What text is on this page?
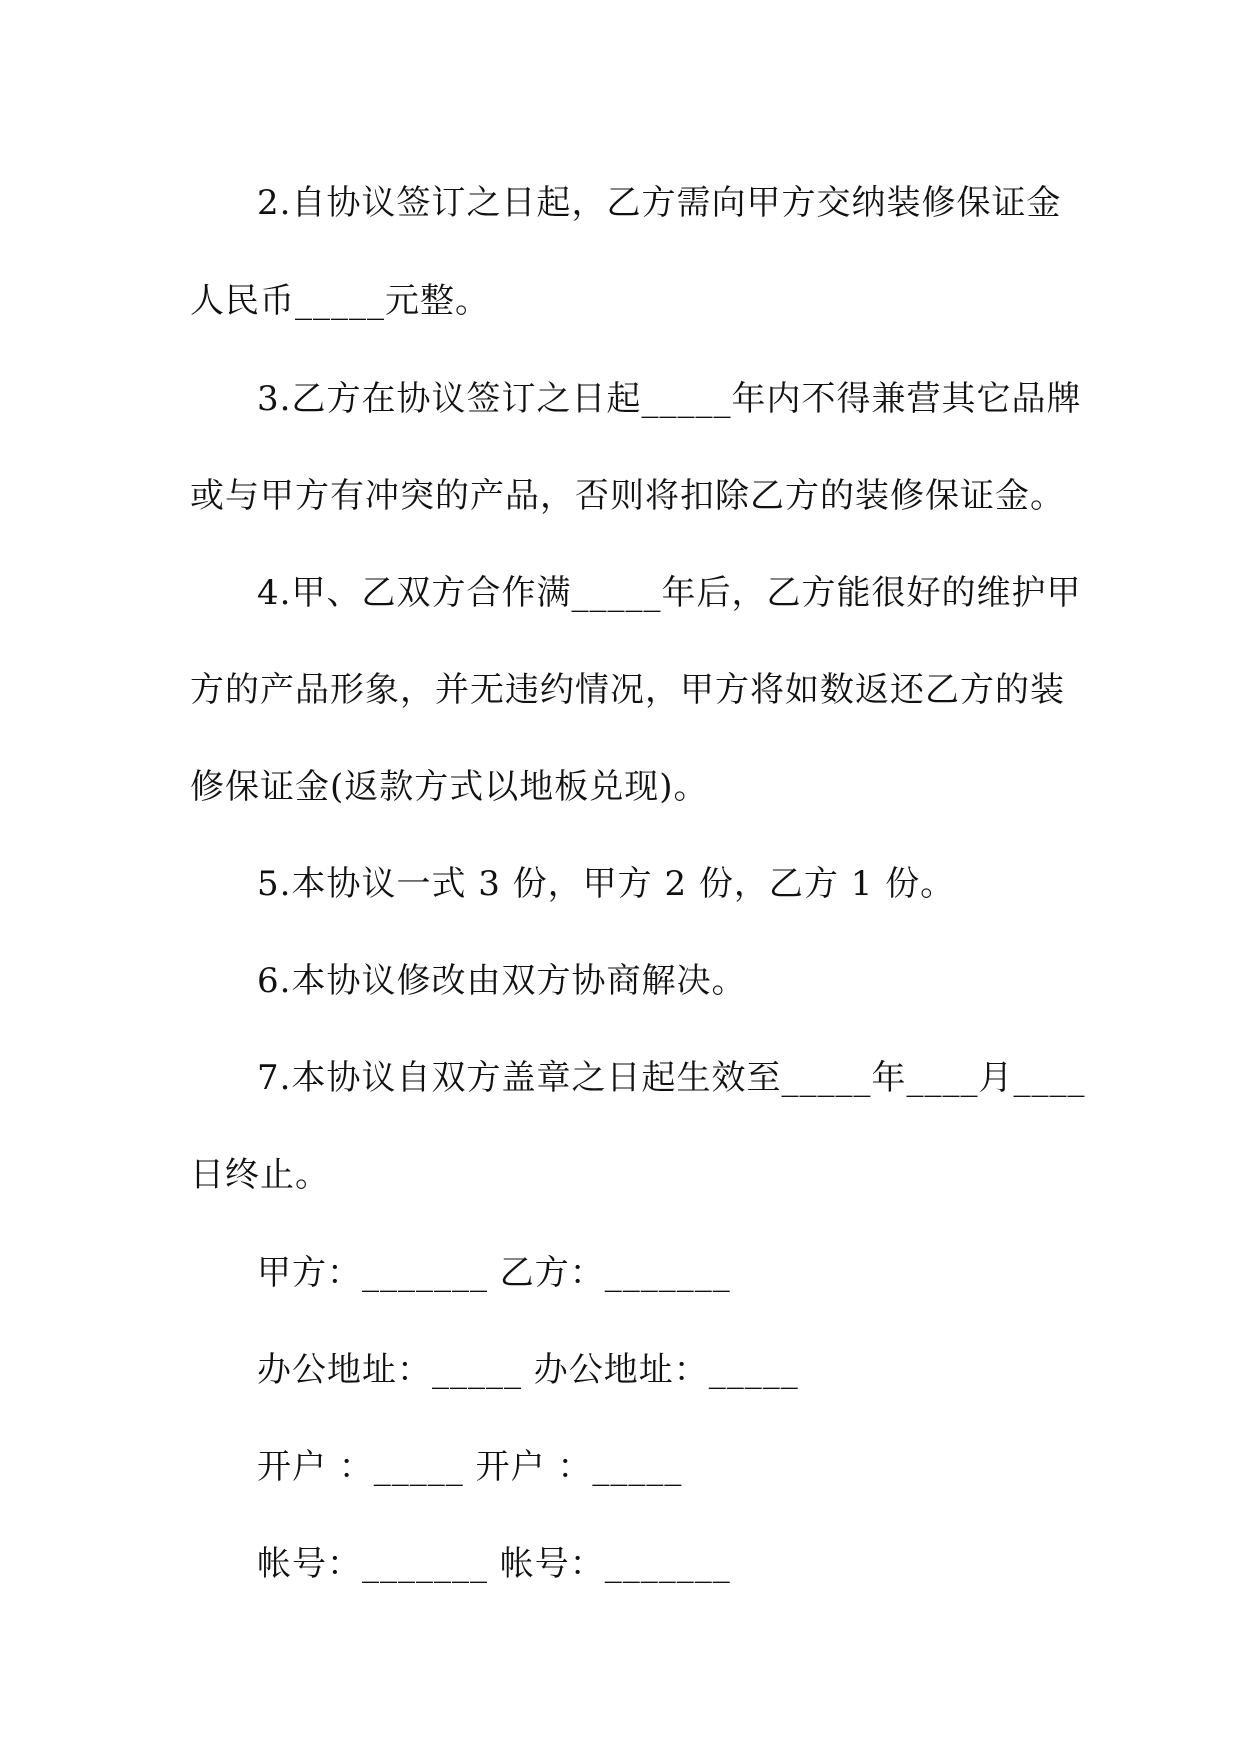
2.自协议签订之日起，乙方需向甲方交纳装修保证金
人民币_____元整。
3.乙方在协议签订之日起_____年内不得兼营其它品牌
或与甲方有冲突的产品，否则将扣除乙方的装修保证金。
4.甲、乙双方合作满_____年后，乙方能很好的维护甲
方的产品形象，并无违约情况，甲方将如数返还乙方的装
修保证金(返款方式以地板兑现)。
5.本协议一式 3 份，甲方 2 份，乙方 1 份。
6.本协议修改由双方协商解决。
7.本协议自双方盖章之日起生效至_____年____月____
日终止。
甲方：_______ 乙方：_______
办公地址：_____ 办公地址：_____
开户 ：_____ 开户 ：_____
帐号：_______ 帐号：_______
